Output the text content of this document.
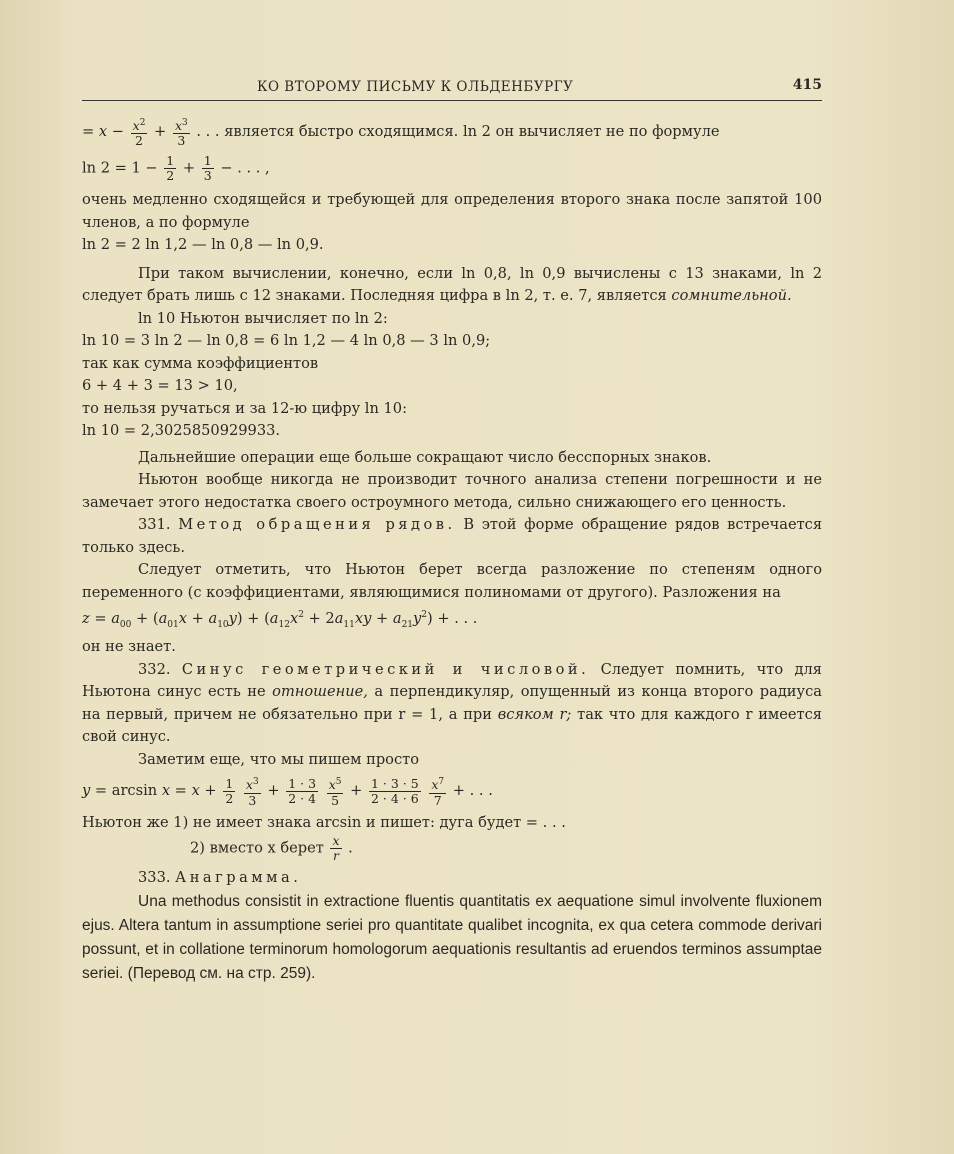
КО ВТОРОМУ ПИСЬМУ К ОЛЬДЕНБУРГУ	415

= $x - \frac{x^2}{2} + \frac{x^3}{3}$ . . . является быстро сходящимся. ln 2 он вычисляет не по формуле

$\ln 2 = 1 - \frac{1}{2} + \frac{1}{3}$ − . . . ,

очень медленно сходящейся и требующей для определения второго знака после запятой 100 членов, а по формуле

ln 2 = 2 ln 1,2 — ln 0,8 — ln 0,9.

При таком вычислении, конечно, если ln 0,8, ln 0,9 вычислены с 13 знаками, ln 2 следует брать лишь с 12 знаками. Последняя цифра в ln 2, т. е. 7, является сомнительной.

ln 10 Ньютон вычисляет по ln 2:

ln 10 = 3 ln 2 — ln 0,8 = 6 ln 1,2 — 4 ln 0,8 — 3 ln 0,9;

так как сумма коэффициентов

6 + 4 + 3 = 13 > 10,

то нельзя ручаться и за 12-ю цифру ln 10:

ln 10 = 2,3025850929933.

Дальнейшие операции еще больше сокращают число бесспорных знаков.

Ньютон вообще никогда не производит точного анализа степени погрешности и не замечает этого недостатка своего остроумного метода, сильно снижающего его ценность.

331. Метод обращения рядов. В этой форме обращение рядов встречается только здесь.

Следует отметить, что Ньютон берет всегда разложение по степеням одного переменного (с коэффициентами, являющимися полиномами от другого). Разложения на

$z = a_{00} + (a_{01}x + a_{10}y) + (a_{12}x^2 + 2a_{11}xy + a_{21}y^2)$ + . . .

он не знает.

332. Синус геометрический и числовой. Следует помнить, что для Ньютона синус есть не отношение, а перпендикуляр, опущенный из конца второго радиуса на первый, причем не обязательно при r = 1, а при всяком r; так что для каждого r имеется свой синус.

Заметим еще, что мы пишем просто

$y = \arcsin x = x + \frac{1}{2}$
$\frac{x^3}{3} + \frac{1 \cdot 3}{2 \cdot 4}$
$\frac{x^5}{5} + \frac{1 \cdot 3 \cdot 5}{2 \cdot 4 \cdot 6}$
$\frac{x^7}{7}$ + . . .

Ньютон же 1) не имеет знака arcsin и пишет: дуга будет = . . .

2) вместо x берет $\frac{x}{r}$ .

333. Анаграмма.

Una methodus consistit in extractione fluentis quantitatis ex aequatione simul involvente fluxionem ejus. Altera tantum in assumptione seriei pro quantitate qualibet incognita, ex qua cetera commode derivari possunt, et in collatione terminorum homologorum aequationis resultantis ad eruendos terminos assumptae seriei. (Перевод см. на стр. 259).
